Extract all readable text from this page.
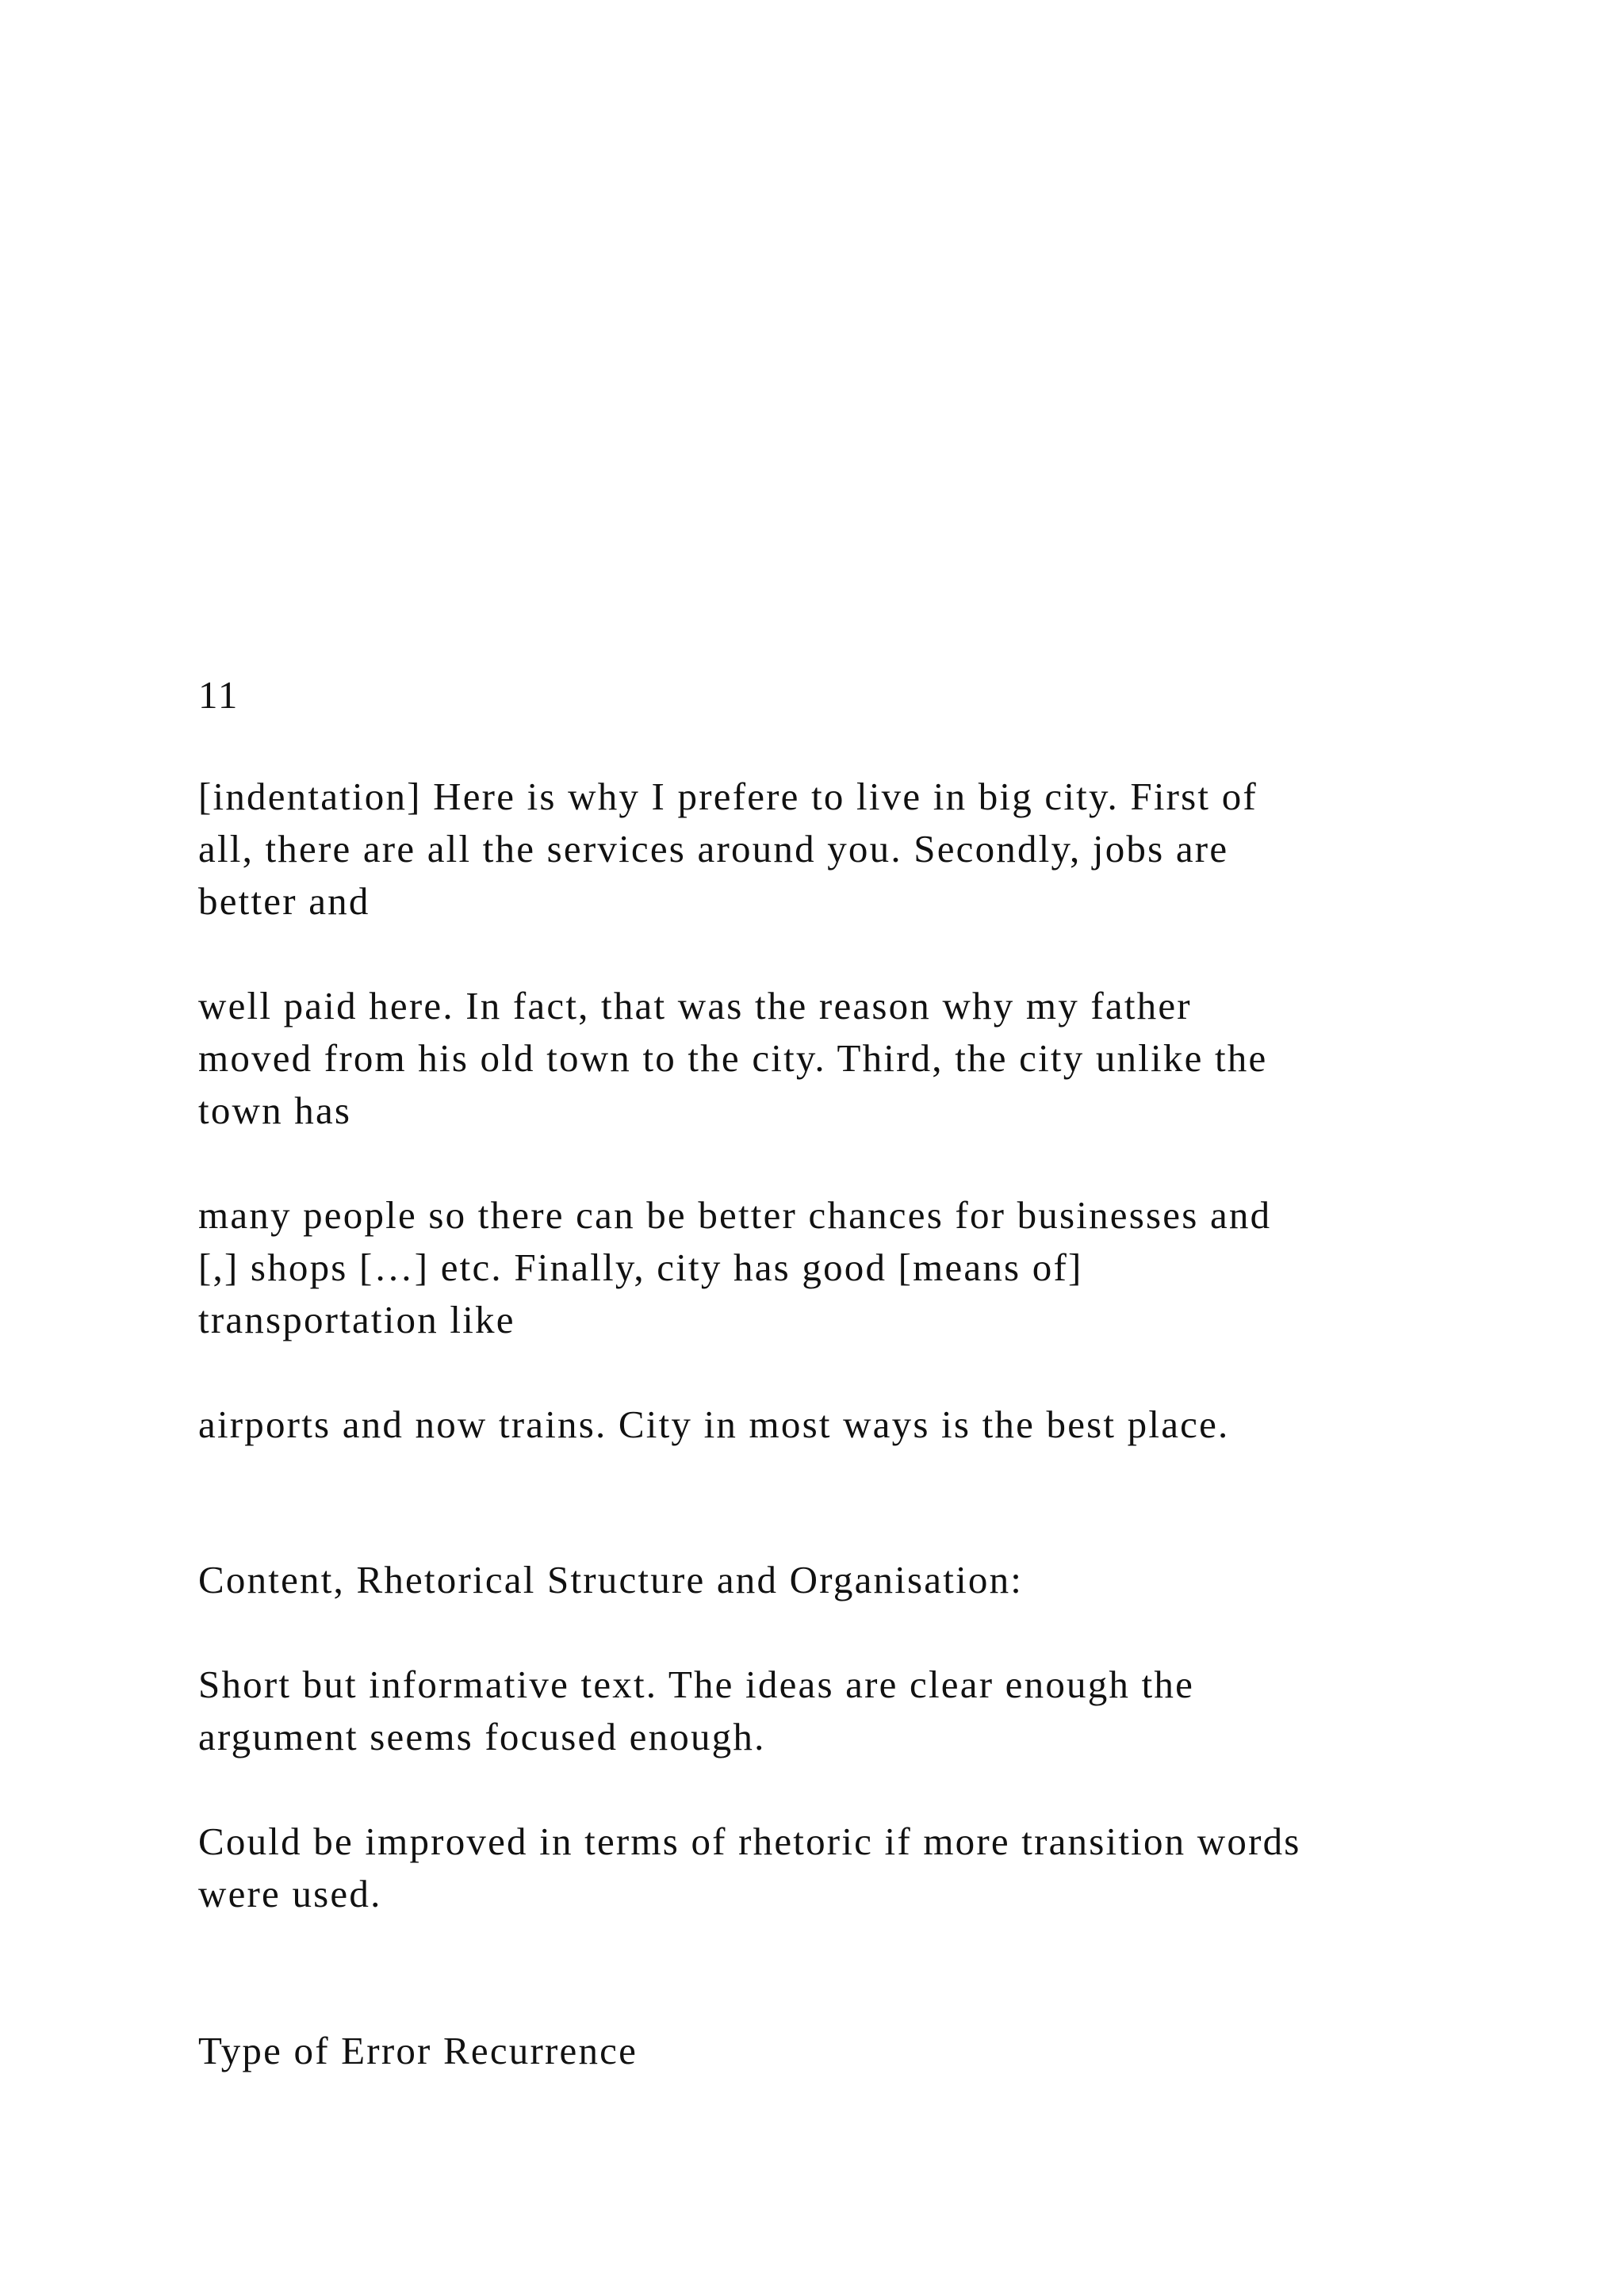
11
[indentation] Here is why I prefere to live in big city. First of
all, there are all the services around you. Secondly, jobs are
better and
well paid here. In fact, that was the reason why my father
moved from his old town to the city. Third, the city unlike the
town has
many people so there can be better chances for businesses and
[,] shops […] etc. Finally, city has good [means of]
transportation like
airports and now trains. City in most ways is the best place.
Content, Rhetorical Structure and Organisation:
Short but informative text. The ideas are clear enough the
argument seems focused enough.
Could be improved in terms of rhetoric if more transition words
were used.
Type of Error Recurrence
